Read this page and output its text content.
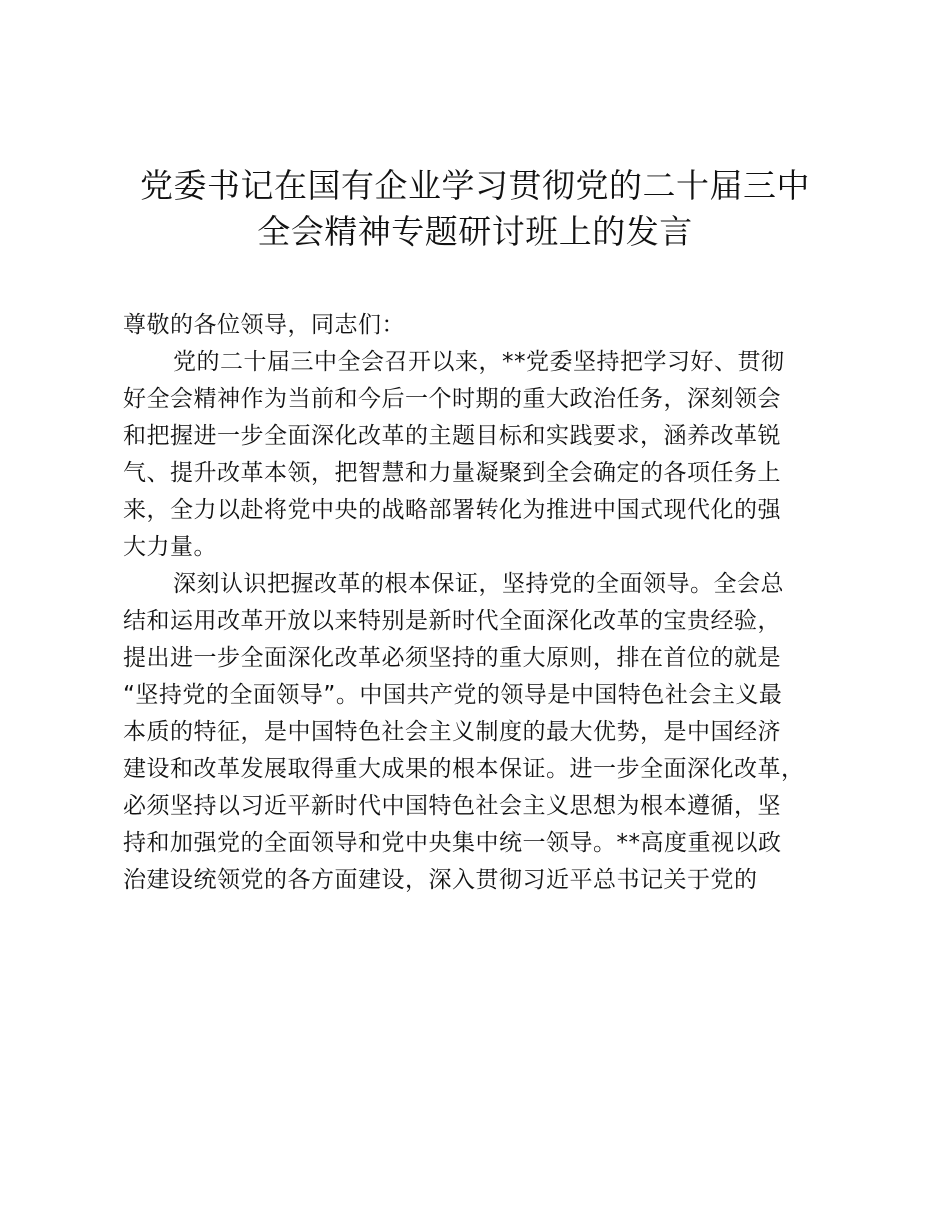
党委书记在国有企业学习贯彻党的二十届三中
全会精神专题研讨班上的发言
尊敬的各位领导，同志们：
党的二十届三中全会召开以来，**党委坚持把学习好、贯彻
好全会精神作为当前和今后一个时期的重大政治任务，深刻领会
和把握进一步全面深化改革的主题目标和实践要求，涵养改革锐
气、提升改革本领，把智慧和力量凝聚到全会确定的各项任务上
来，全力以赴将党中央的战略部署转化为推进中国式现代化的强
大力量。
深刻认识把握改革的根本保证，坚持党的全面领导。全会总
结和运用改革开放以来特别是新时代全面深化改革的宝贵经验，
提出进一步全面深化改革必须坚持的重大原则，排在首位的就是
“坚持党的全面领导”。中国共产党的领导是中国特色社会主义最
本质的特征，是中国特色社会主义制度的最大优势，是中国经济
建设和改革发展取得重大成果的根本保证。进一步全面深化改革，
必须坚持以习近平新时代中国特色社会主义思想为根本遵循，坚
持和加强党的全面领导和党中央集中统一领导。**高度重视以政
治建设统领党的各方面建设，深入贯彻习近平总书记关于党的
